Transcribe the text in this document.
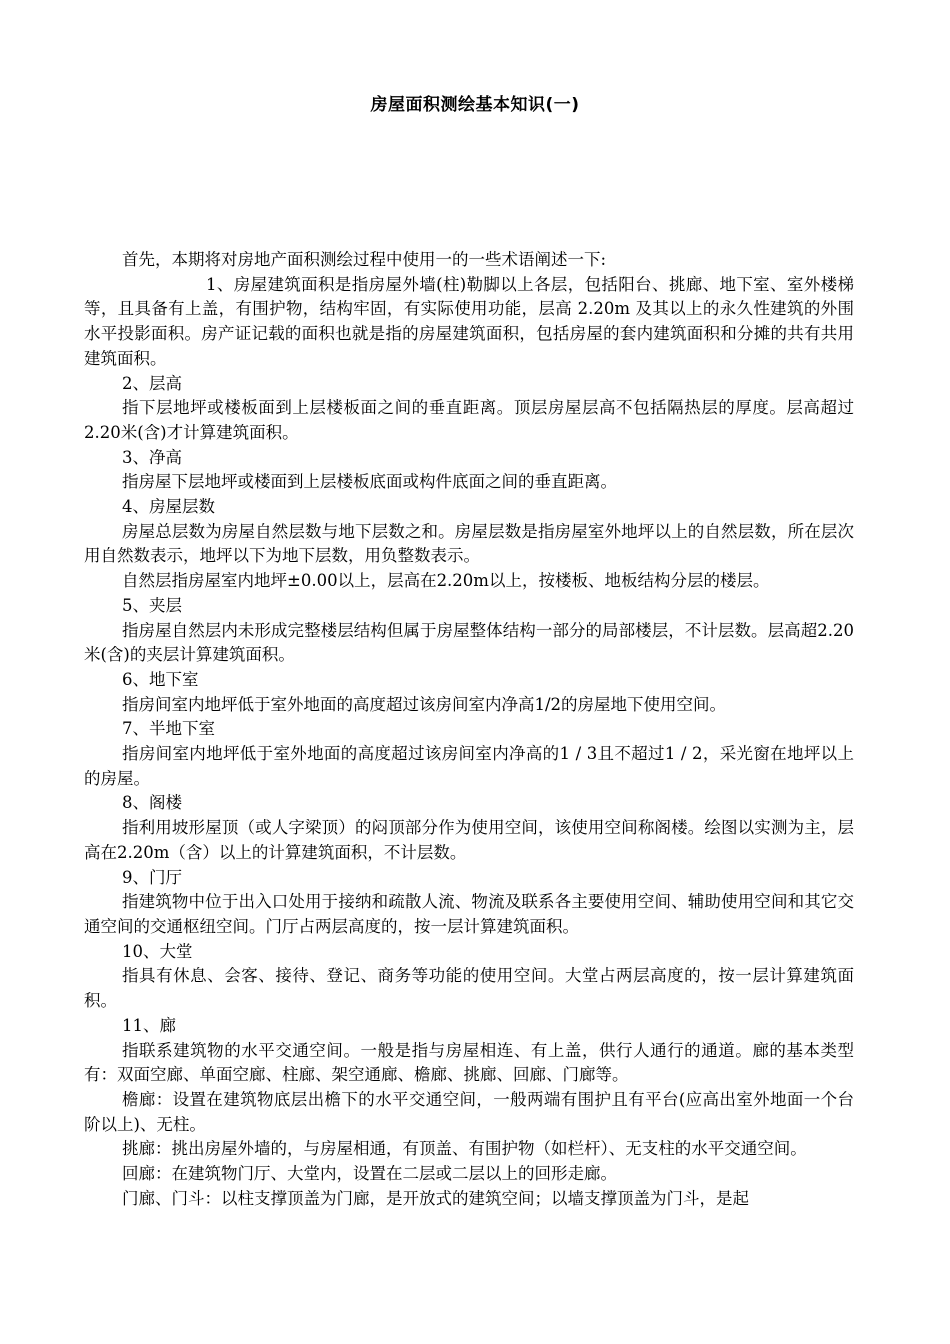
房屋面积测绘基本知识(一)

首先，本期将对房地产面积测绘过程中使用一的一些术语阐述一下:

1、房屋建筑面积是指房屋外墙(柱)勒脚以上各层，包括阳台、挑廊、地下室、室外楼梯等，且具备有上盖，有围护物，结构牢固，有实际使用功能，层高 2.20m 及其以上的永久性建筑的外围水平投影面积。房产证记载的面积也就是指的房屋建筑面积，包括房屋的套内建筑面积和分摊的共有共用建筑面积。

2、层高

指下层地坪或楼板面到上层楼板面之间的垂直距离。顶层房屋层高不包括隔热层的厚度。层高超过2.20米(含)才计算建筑面积。

3、净高

指房屋下层地坪或楼面到上层楼板底面或构件底面之间的垂直距离。

4、房屋层数

房屋总层数为房屋自然层数与地下层数之和。房屋层数是指房屋室外地坪以上的自然层数，所在层次用自然数表示，地坪以下为地下层数，用负整数表示。

自然层指房屋室内地坪±0.00以上，层高在2.20m以上，按楼板、地板结构分层的楼层。

5、夹层

指房屋自然层内未形成完整楼层结构但属于房屋整体结构一部分的局部楼层，不计层数。层高超2.20米(含)的夹层计算建筑面积。

6、地下室

指房间室内地坪低于室外地面的高度超过该房间室内净高1/2的房屋地下使用空间。

7、半地下室

指房间室内地坪低于室外地面的高度超过该房间室内净高的1 / 3且不超过1 / 2，采光窗在地坪以上的房屋。

8、阁楼

指利用坡形屋顶（或人字梁顶）的闷顶部分作为使用空间，该使用空间称阁楼。绘图以实测为主，层高在2.20m（含）以上的计算建筑面积，不计层数。

9、门厅

指建筑物中位于出入口处用于接纳和疏散人流、物流及联系各主要使用空间、辅助使用空间和其它交通空间的交通枢纽空间。门厅占两层高度的，按一层计算建筑面积。

10、大堂

指具有休息、会客、接待、登记、商务等功能的使用空间。大堂占两层高度的，按一层计算建筑面积。

11、廊

指联系建筑物的水平交通空间。一般是指与房屋相连、有上盖，供行人通行的通道。廊的基本类型有：双面空廊、单面空廊、柱廊、架空通廊、檐廊、挑廊、回廊、门廊等。

檐廊：设置在建筑物底层出檐下的水平交通空间，一般两端有围护且有平台(应高出室外地面一个台阶以上)、无柱。

挑廊：挑出房屋外墙的，与房屋相通，有顶盖、有围护物（如栏杆）、无支柱的水平交通空间。

回廊：在建筑物门厅、大堂内，设置在二层或二层以上的回形走廊。

门廊、门斗：以柱支撑顶盖为门廊，是开放式的建筑空间；以墙支撑顶盖为门斗，是起
